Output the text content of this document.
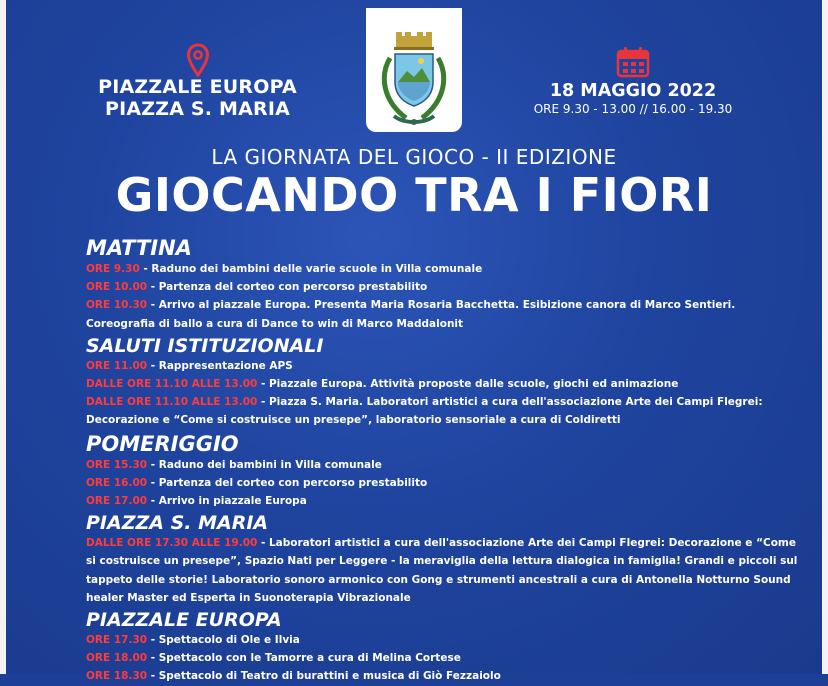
PIAZZALE EUROPA
PIAZZA S. MARIA
18 MAGGIO 2022
ORE 9.30 - 13.00 // 16.00 - 19.30
LA GIORNATA DEL GIOCO - II EDIZIONE
GIOCANDO TRA I FIORI
MATTINA
ORE 9.30 - Raduno dei bambini delle varie scuole in Villa comunale
ORE 10.00 - Partenza del corteo con percorso prestabilito
ORE 10.30 - Arrivo al piazzale Europa. Presenta Maria Rosaria Bacchetta. Esibizione canora di Marco Sentieri. Coreografia di ballo a cura di Dance to win di Marco Maddalonit
SALUTI ISTITUZIONALI
ORE 11.00 - Rappresentazione APS
DALLE ORE 11.10 ALLE 13.00 - Piazzale Europa. Attività proposte dalle scuole, giochi ed animazione
DALLE ORE 11.10 ALLE 13.00 - Piazza S. Maria. Laboratori artistici a cura dell'associazione Arte dei Campi Flegrei: Decorazione e “Come si costruisce un presepe”, laboratorio sensoriale a cura di Coldiretti
POMERIGGIO
ORE 15.30 - Raduno dei bambini in Villa comunale
ORE 16.00 - Partenza del corteo con percorso prestabilito
ORE 17.00 - Arrivo in piazzale Europa
PIAZZA S. MARIA
DALLE ORE 17.30 ALLE 19.00 - Laboratori artistici a cura dell'associazione Arte dei Campi Flegrei: Decorazione e “Come si costruisce un presepe”, Spazio Nati per Leggere - la meraviglia della lettura dialogica in famiglia! Grandi e piccoli sul tappeto delle storie! Laboratorio sonoro armonico con Gong e strumenti ancestrali a cura di Antonella Notturno Sound healer Master ed Esperta in Suonoterapia Vibrazionale
PIAZZALE EUROPA
ORE 17.30 - Spettacolo di Ole e Ilvia
ORE 18.00 - Spettacolo con le Tamorre a cura di Melina Cortese
ORE 18.30 - Spettacolo di Teatro di burattini e musica di Giò Fezzaiolo
